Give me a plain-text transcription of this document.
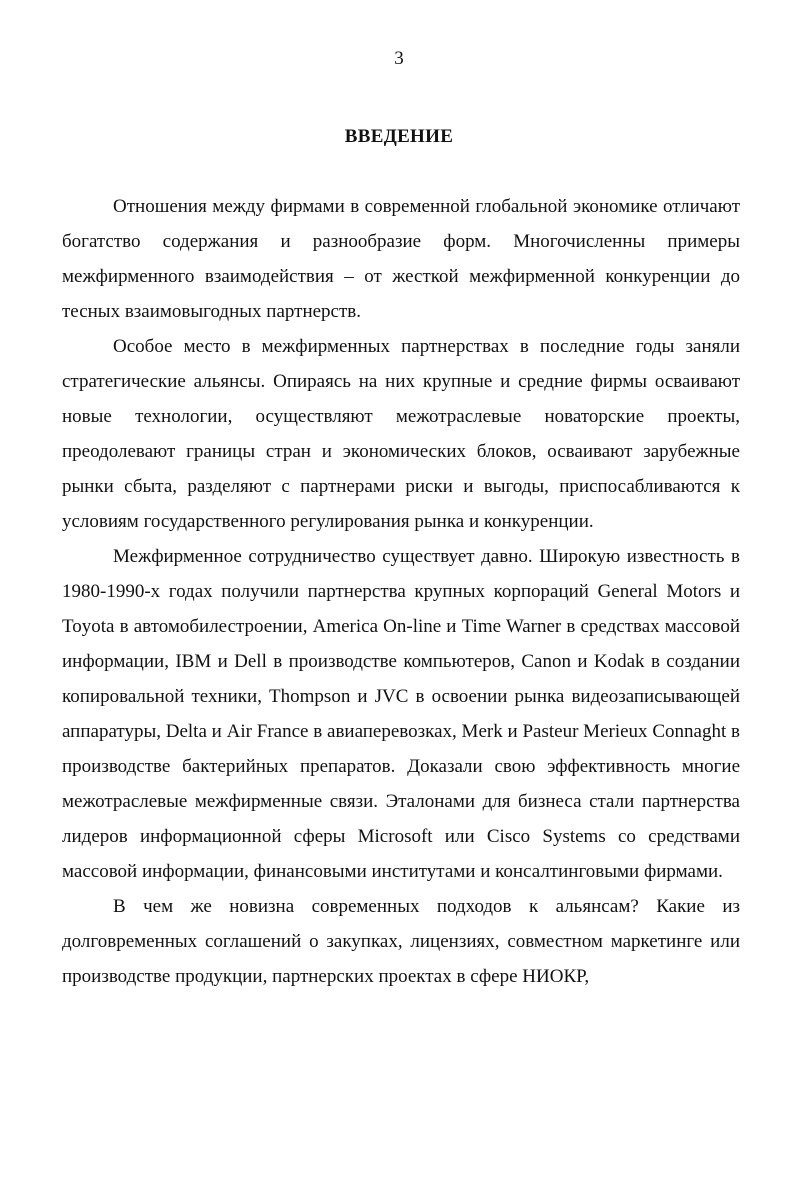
3
ВВЕДЕНИЕ

Отношения между фирмами в современной глобальной экономике отличают богатство содержания и разнообразие форм. Многочисленны примеры межфирменного взаимодействия – от жесткой межфирменной конкуренции до тесных взаимовыгодных партнерств.

Особое место в межфирменных партнерствах в последние годы заняли стратегические альянсы. Опираясь на них крупные и средние фирмы осваивают новые технологии, осуществляют межотраслевые новаторские проекты, преодолевают границы стран и экономических блоков, осваивают зарубежные рынки сбыта, разделяют с партнерами риски и выгоды, приспосабливаются к условиям государственного регулирования рынка и конкуренции.

Межфирменное сотрудничество существует давно. Широкую известность в 1980-1990-х годах получили партнерства крупных корпораций General Motors и Toyota в автомобилестроении, America On-line и Time Warner в средствах массовой информации, IBM и Dell в производстве компьютеров, Canon и Kodak в создании копировальной техники, Thompson и JVC в освоении рынка видеозаписывающей аппаратуры, Delta и Air France в авиаперевозках, Merk и Pasteur Merieux Connaght в производстве бактерийных препаратов. Доказали свою эффективность многие межотраслевые межфирменные связи. Эталонами для бизнеса стали партнерства лидеров информационной сферы Microsoft или Cisco Systems со средствами массовой информации, финансовыми институтами и консалтинговыми фирмами.

В чем же новизна современных подходов к альянсам? Какие из долговременных соглашений о закупках, лицензиях, совместном маркетинге или производстве продукции, партнерских проектах в сфере НИОКР,
